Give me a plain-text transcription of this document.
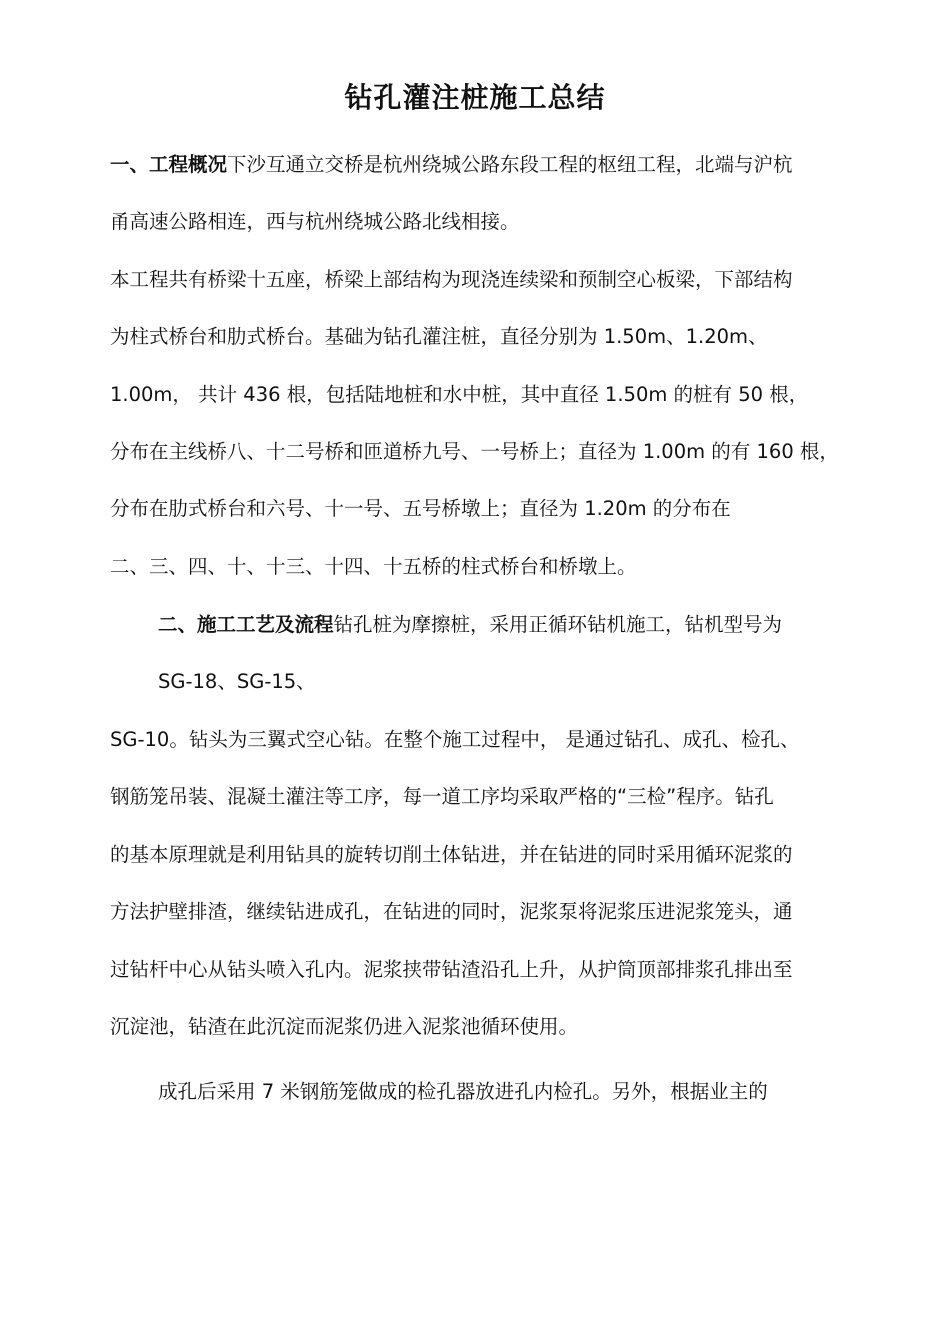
钻孔灌注桩施工总结
一、工程概况下沙互通立交桥是杭州绕城公路东段工程的枢纽工程，北端与沪杭
甬高速公路相连，西与杭州绕城公路北线相接。
本工程共有桥梁十五座，桥梁上部结构为现浇连续梁和预制空心板梁，下部结构
为柱式桥台和肋式桥台。基础为钻孔灌注桩，直径分别为 1.50m、1.20m、
1.00m， 共计 436 根，包括陆地桩和水中桩，其中直径 1.50m 的桩有 50 根，
分布在主线桥八、十二号桥和匝道桥九号、一号桥上；直径为 1.00m 的有 160 根，
分布在肋式桥台和六号、十一号、五号桥墩上；直径为 1.20m 的分布在
二、三、四、十、十三、十四、十五桥的柱式桥台和桥墩上。
二、施工工艺及流程钻孔桩为摩擦桩，采用正循环钻机施工，钻机型号为
SG-18、SG-15、
SG-10。钻头为三翼式空心钻。在整个施工过程中， 是通过钻孔、成孔、检孔、
钢筋笼吊装、混凝土灌注等工序，每一道工序均采取严格的“三检”程序。钻孔
的基本原理就是利用钻具的旋转切削土体钻进，并在钻进的同时采用循环泥浆的
方法护壁排渣，继续钻进成孔，在钻进的同时，泥浆泵将泥浆压进泥浆笼头，通
过钻杆中心从钻头喷入孔内。泥浆挟带钻渣沿孔上升，从护筒顶部排浆孔排出至
沉淀池，钻渣在此沉淀而泥浆仍进入泥浆池循环使用。
成孔后采用 7 米钢筋笼做成的检孔器放进孔内检孔。另外，根据业主的
